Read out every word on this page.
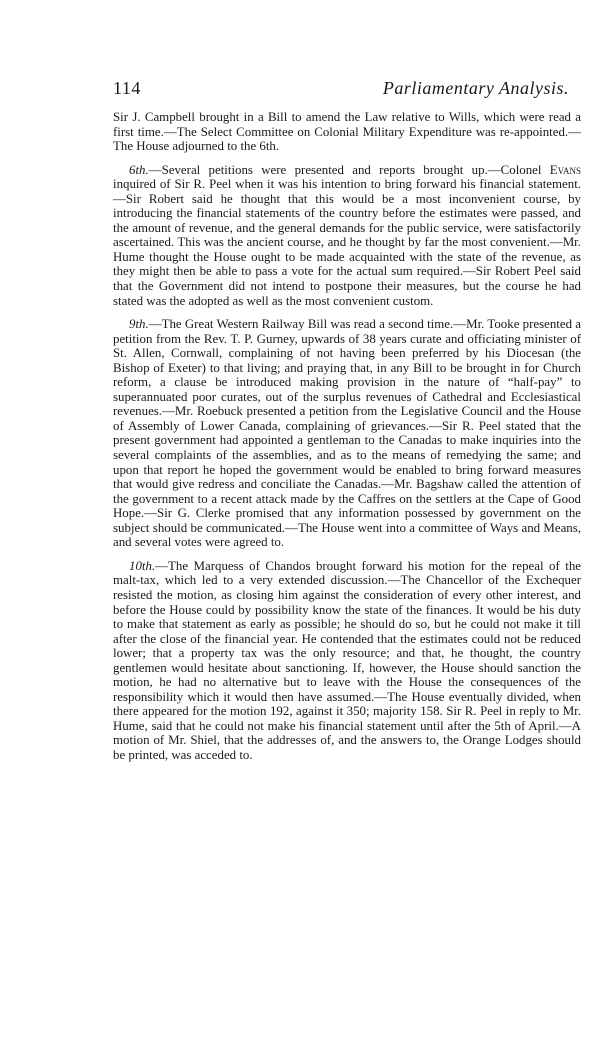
114	Parliamentary Analysis.

Sir J. Campbell brought in a Bill to amend the Law relative to Wills, which were read a first time.—The Select Committee on Colonial Military Expenditure was re-appointed.—The House adjourned to the 6th.

6th.—Several petitions were presented and reports brought up.—Colonel Evans inquired of Sir R. Peel when it was his intention to bring forward his financial statement.—Sir Robert said he thought that this would be a most inconvenient course, by introducing the financial statements of the country before the estimates were passed, and the amount of revenue, and the general demands for the public service, were satisfactorily ascertained. This was the ancient course, and he thought by far the most convenient.—Mr. Hume thought the House ought to be made acquainted with the state of the revenue, as they might then be able to pass a vote for the actual sum required.—Sir Robert Peel said that the Government did not intend to postpone their measures, but the course he had stated was the adopted as well as the most convenient custom.

9th.—The Great Western Railway Bill was read a second time.—Mr. Tooke presented a petition from the Rev. T. P. Gurney, upwards of 38 years curate and officiating minister of St. Allen, Cornwall, complaining of not having been preferred by his Diocesan (the Bishop of Exeter) to that living; and praying that, in any Bill to be brought in for Church reform, a clause be introduced making provision in the nature of “half-pay” to superannuated poor curates, out of the surplus revenues of Cathedral and Ecclesiastical revenues.—Mr. Roebuck presented a petition from the Legislative Council and the House of Assembly of Lower Canada, complaining of grievances.—Sir R. Peel stated that the present government had appointed a gentleman to the Canadas to make inquiries into the several complaints of the assemblies, and as to the means of remedying the same; and upon that report he hoped the government would be enabled to bring forward measures that would give redress and conciliate the Canadas.—Mr. Bagshaw called the attention of the government to a recent attack made by the Caffres on the settlers at the Cape of Good Hope.—Sir G. Clerke promised that any information possessed by government on the subject should be communicated.—The House went into a committee of Ways and Means, and several votes were agreed to.

10th.—The Marquess of Chandos brought forward his motion for the repeal of the malt-tax, which led to a very extended discussion.—The Chancellor of the Exchequer resisted the motion, as closing him against the consideration of every other interest, and before the House could by possibility know the state of the finances. It would be his duty to make that statement as early as possible; he should do so, but he could not make it till after the close of the financial year. He contended that the estimates could not be reduced lower; that a property tax was the only resource; and that, he thought, the country gentlemen would hesitate about sanctioning. If, however, the House should sanction the motion, he had no alternative but to leave with the House the consequences of the responsibility which it would then have assumed.—The House eventually divided, when there appeared for the motion 192, against it 350; majority 158. Sir R. Peel in reply to Mr. Hume, said that he could not make his financial statement until after the 5th of April.—A motion of Mr. Shiel, that the addresses of, and the answers to, the Orange Lodges should be printed, was acceded to.
